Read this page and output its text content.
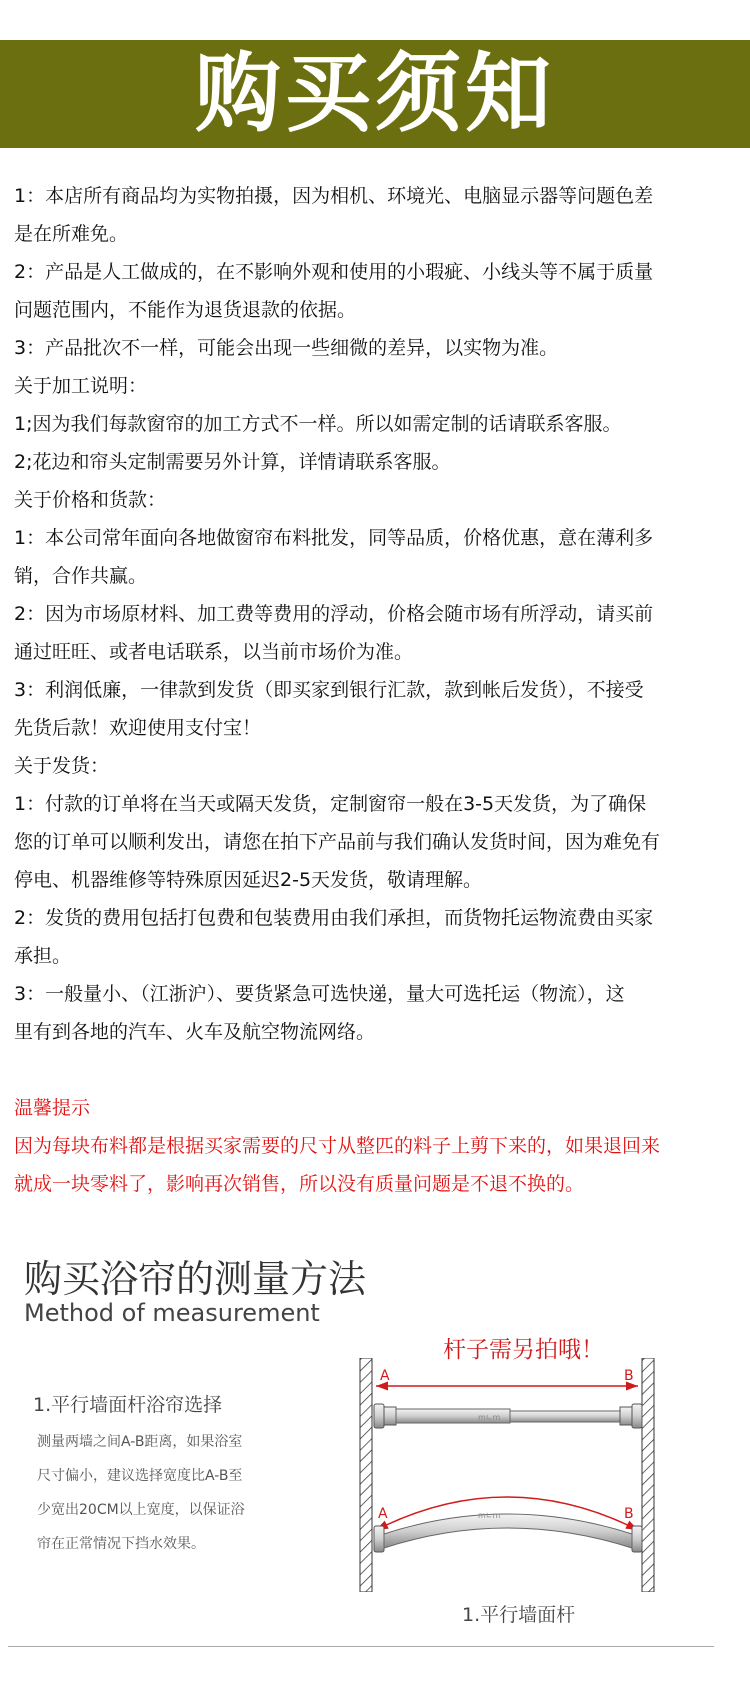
购买须知
1：本店所有商品均为实物拍摄，因为相机、环境光、电脑显示器等问题色差
是在所难免。
2：产品是人工做成的，在不影响外观和使用的小瑕疵、小线头等不属于质量
问题范围内，不能作为退货退款的依据。
3：产品批次不一样，可能会出现一些细微的差异，以实物为准。
关于加工说明：
1;因为我们每款窗帘的加工方式不一样。所以如需定制的话请联系客服。
2;花边和帘头定制需要另外计算，详情请联系客服。
关于价格和货款：
1：本公司常年面向各地做窗帘布料批发，同等品质，价格优惠，意在薄利多
销，合作共赢。
2：因为市场原材料、加工费等费用的浮动，价格会随市场有所浮动，请买前
通过旺旺、或者电话联系，以当前市场价为准。
3：利润低廉，一律款到发货（即买家到银行汇款，款到帐后发货），不接受
先货后款！欢迎使用支付宝！
关于发货：
1：付款的订单将在当天或隔天发货，定制窗帘一般在3-5天发货，为了确保
您的订单可以顺利发出，请您在拍下产品前与我们确认发货时间，因为难免有
停电、机器维修等特殊原因延迟2-5天发货，敬请理解。
2：发货的费用包括打包费和包装费用由我们承担，而货物托运物流费由买家
承担。
3：一般量小、（江浙沪）、要货紧急可选快递，量大可选托运（物流），这
里有到各地的汽车、火车及航空物流网络。
温馨提示
因为每块布料都是根据买家需要的尺寸从整匹的料子上剪下来的，如果退回来
就成一块零料了，影响再次销售，所以没有质量问题是不退不换的。
购买浴帘的测量方法
Method of measurement
杆子需另拍哦！
1.平行墙面杆浴帘选择
测量两墙之间A-B距离，如果浴室
尺寸偏小，建议选择宽度比A-B至
少宽出20CM以上宽度，以保证浴
帘在正常情况下挡水效果。
A	B
m∟m
A	B
m∟m
1.平行墙面杆
